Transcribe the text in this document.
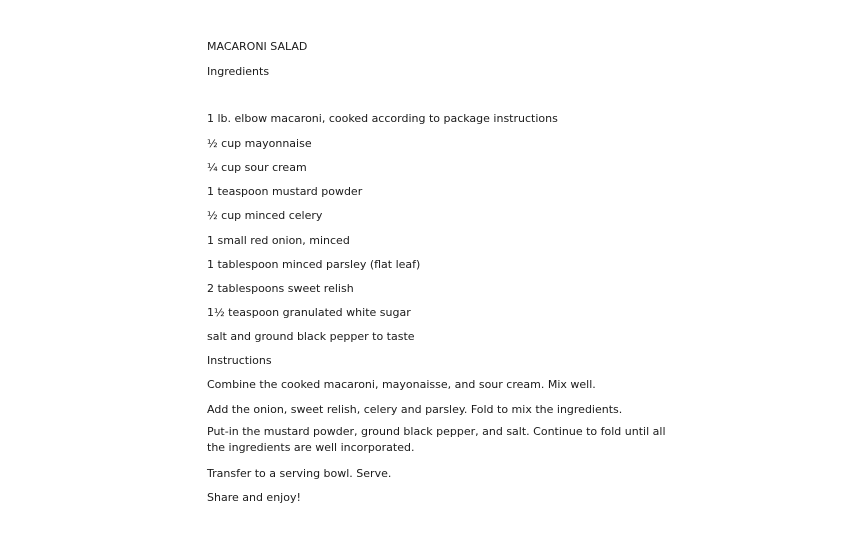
MACARONI SALAD
Ingredients
1 lb. elbow macaroni, cooked according to package instructions
½ cup mayonnaise
¼ cup sour cream
1 teaspoon mustard powder
½ cup minced celery
1 small red onion, minced
1 tablespoon minced parsley (flat leaf)
2 tablespoons sweet relish
1½ teaspoon granulated white sugar
salt and ground black pepper to taste
Instructions
Combine the cooked macaroni, mayonaisse, and sour cream. Mix well.
Add the onion, sweet relish, celery and parsley. Fold to mix the ingredients.
Put-in the mustard powder, ground black pepper, and salt. Continue to fold until all the ingredients are well incorporated.
Transfer to a serving bowl. Serve.
Share and enjoy!
